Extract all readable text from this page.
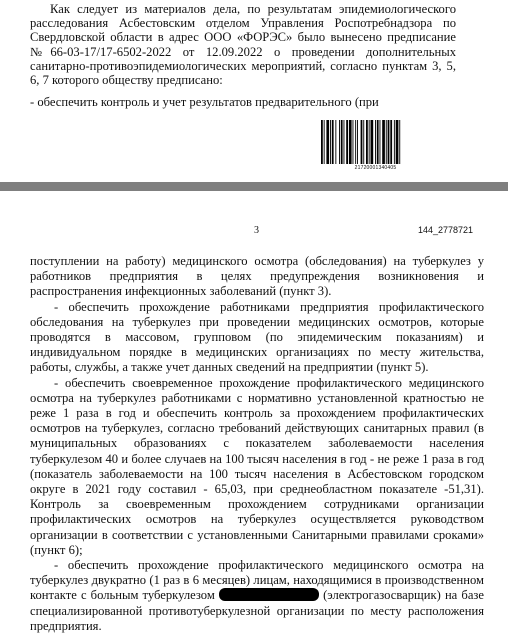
Как следует из материалов дела, по результатам эпидемиологического расследования Асбестовским отделом Управления Роспотребнадзора по Свердловской области в адрес ООО «ФОРЭС» было вынесено предписание №66-03-17/17-6502-2022 от 12.09.2022 о проведении дополнительных санитарно-противоэпидемиологических мероприятий, согласно пунктам 3, 5, 6, 7 которого обществу предписано:
- обеспечить контроль и учет результатов предварительного (при
21720001340405
3	144_2778721

поступлении на работу) медицинского осмотра (обследования) на туберкулез у работников предприятия в целях предупреждения возникновения и распространения инфекционных заболеваний (пункт 3).

- обеспечить прохождение работниками предприятия профилактического обследования на туберкулез при проведении медицинских осмотров, которые проводятся в массовом, групповом (по эпидемическим показаниям) и индивидуальном порядке в медицинских организациях по месту жительства, работы, службы, а также учет данных сведений на предприятии (пункт 5).

- обеспечить своевременное прохождение профилактического медицинского осмотра на туберкулез работниками с нормативно установленной кратностью не реже 1 раза в год и обеспечить контроль за прохождением профилактических осмотров на туберкулез, согласно требований действующих санитарных правил (в муниципальных образованиях с показателем заболеваемости населения туберкулезом 40 и более случаев на 100 тысяч населения в год - не реже 1 раза в год (показатель заболеваемости на 100 тысяч населения в Асбестовском городском округе в 2021 году составил - 65,03, при среднеобластном показателе -51,31). Контроль за своевременным прохождением сотрудниками организации профилактических осмотров на туберкулез осуществляется руководством организации в соответствии с установленными Санитарными правилами сроками» (пункт 6);

- обеспечить прохождение профилактического медицинского осмотра на туберкулез двукратно (1 раз в 6 месяцев) лицам, находящимися в производственном контакте с больным туберкулезом	(электрогазосварщик) на базе специализированной противотуберкулезной организации по месту расположения предприятия.
